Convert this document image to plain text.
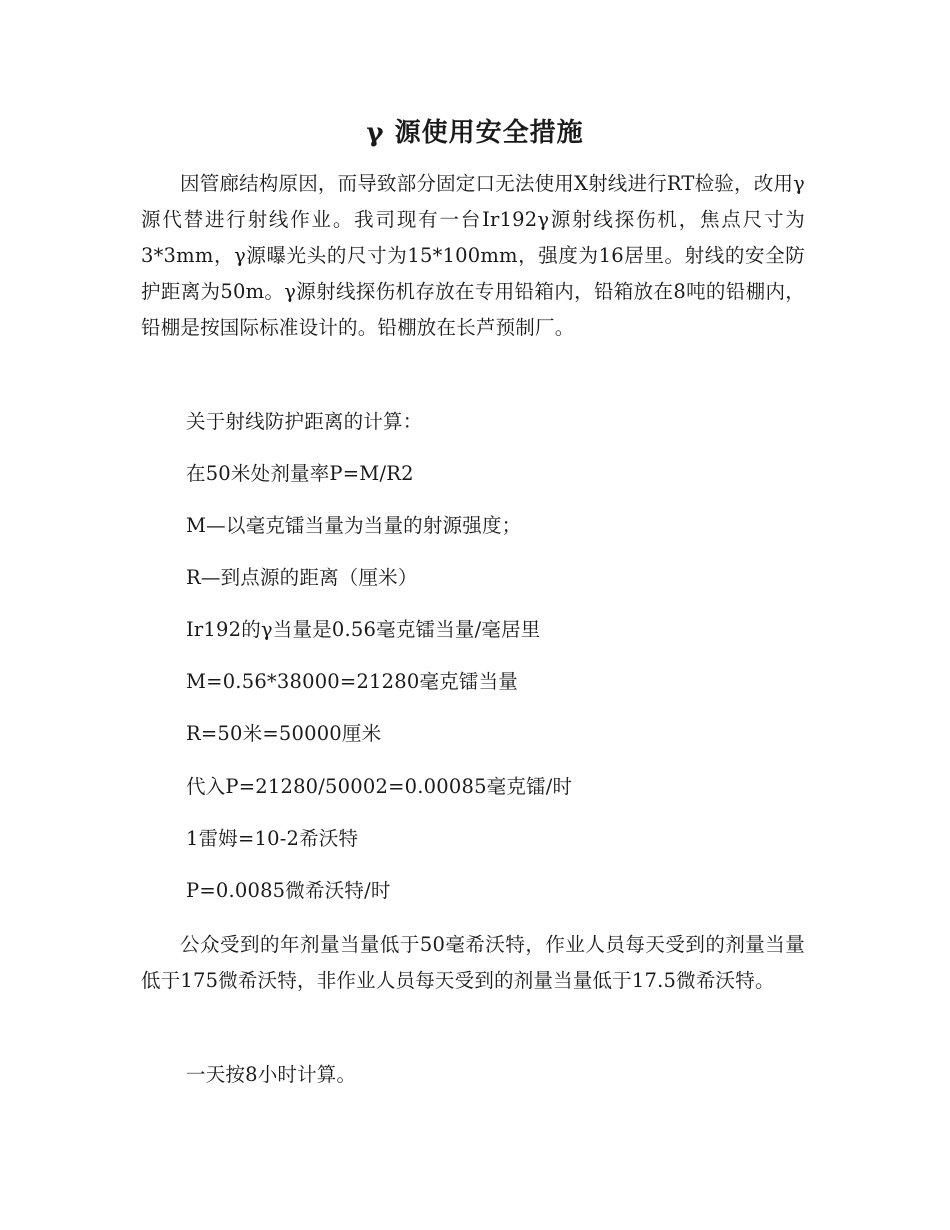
γ 源使用安全措施

因管廊结构原因，而导致部分固定口无法使用X射线进行RT检验，改用γ源代替进行射线作业。我司现有一台Ir192γ源射线探伤机，焦点尺寸为3*3mm，γ源曝光头的尺寸为15*100mm，强度为16居里。射线的安全防护距离为50m。γ源射线探伤机存放在专用铅箱内，铅箱放在8吨的铅棚内，铅棚是按国际标准设计的。铅棚放在长芦预制厂。

关于射线防护距离的计算：

在50米处剂量率P=M/R2

M—以毫克镭当量为当量的射源强度；

R—到点源的距离（厘米）

Ir192的γ当量是0.56毫克镭当量/毫居里

M=0.56*38000=21280毫克镭当量

R=50米=50000厘米

代入P=21280/50002=0.00085毫克镭/时

1雷姆=10-2希沃特

P=0.0085微希沃特/时

公众受到的年剂量当量低于50毫希沃特，作业人员每天受到的剂量当量低于175微希沃特，非作业人员每天受到的剂量当量低于17.5微希沃特。

一天按8小时计算。
